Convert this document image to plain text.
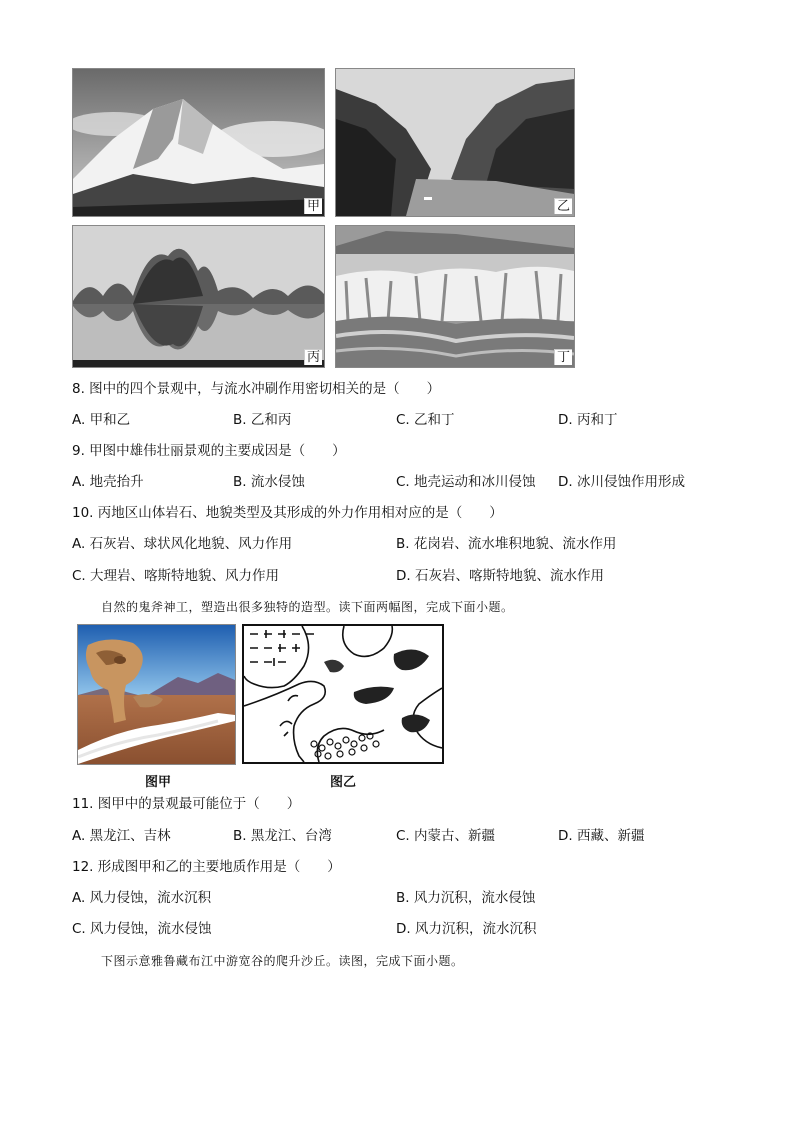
甲	乙
丙	丁
8. 图中的四个景观中，与流水冲刷作用密切相关的是（　　）
A. 甲和乙	B. 乙和丙	C. 乙和丁	D. 丙和丁
9. 甲图中雄伟壮丽景观的主要成因是（　　）
A. 地壳抬升	B. 流水侵蚀	C. 地壳运动和冰川侵蚀 D. 冰川侵蚀作用形成
10. 丙地区山体岩石、地貌类型及其形成的外力作用相对应的是（　　）
A. 石灰岩、球状风化地貌、风力作用	B. 花岗岩、流水堆积地貌、流水作用
C. 大理岩、喀斯特地貌、风力作用	D. 石灰岩、喀斯特地貌、流水作用
自然的鬼斧神工，塑造出很多独特的造型。读下面两幅图，完成下面小题。
图甲	图乙
11. 图甲中的景观最可能位于（　　）
A. 黑龙江、吉林	B. 黑龙江、台湾	C. 内蒙古、新疆	D. 西藏、新疆
12. 形成图甲和乙的主要地质作用是（　　）
A. 风力侵蚀，流水沉积	B. 风力沉积，流水侵蚀
C. 风力侵蚀，流水侵蚀	D. 风力沉积，流水沉积
下图示意雅鲁藏布江中游宽谷的爬升沙丘。读图，完成下面小题。
